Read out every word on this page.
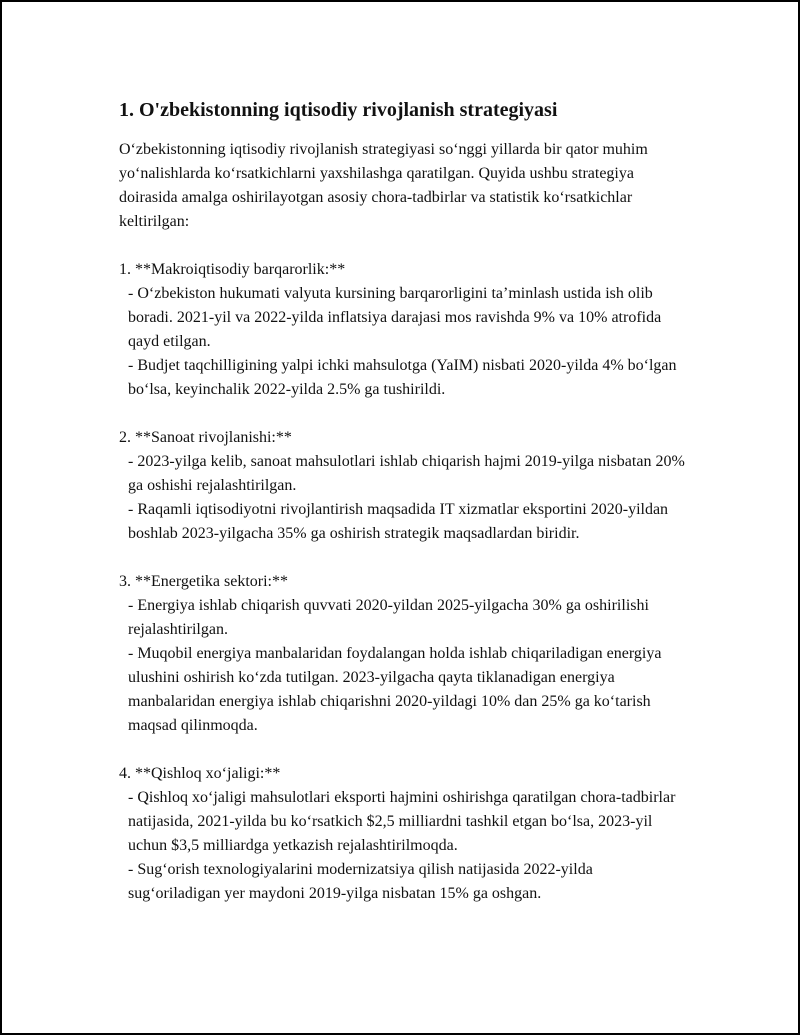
1. O'zbekistonning iqtisodiy rivojlanish strategiyasi

O‘zbekistonning iqtisodiy rivojlanish strategiyasi so‘nggi yillarda bir qator muhim yo‘nalishlarda ko‘rsatkichlarni yaxshilashga qaratilgan. Quyida ushbu strategiya doirasida amalga oshirilayotgan asosiy chora-tadbirlar va statistik ko‘rsatkichlar keltirilgan:

1. **Makroiqtisodiy barqarorlik:**
- O‘zbekiston hukumati valyuta kursining barqarorligini ta’minlash ustida ish olib boradi. 2021-yil va 2022-yilda inflatsiya darajasi mos ravishda 9% va 10% atrofida qayd etilgan.
- Budjet taqchilligining yalpi ichki mahsulotga (YaIM) nisbati 2020-yilda 4% bo‘lgan bo‘lsa, keyinchalik 2022-yilda 2.5% ga tushirildi.
2. **Sanoat rivojlanishi:**
- 2023-yilga kelib, sanoat mahsulotlari ishlab chiqarish hajmi 2019-yilga nisbatan 20% ga oshishi rejalashtirilgan.
- Raqamli iqtisodiyotni rivojlantirish maqsadida IT xizmatlar eksportini 2020-yildan boshlab 2023-yilgacha 35% ga oshirish strategik maqsadlardan biridir.
3. **Energetika sektori:**
- Energiya ishlab chiqarish quvvati 2020-yildan 2025-yilgacha 30% ga oshirilishi rejalashtirilgan.
- Muqobil energiya manbalaridan foydalangan holda ishlab chiqariladigan energiya ulushini oshirish ko‘zda tutilgan. 2023-yilgacha qayta tiklanadigan energiya manbalaridan energiya ishlab chiqarishni 2020-yildagi 10% dan 25% ga ko‘tarish maqsad qilinmoqda.
4. **Qishloq xo‘jaligi:**
- Qishloq xo‘jaligi mahsulotlari eksporti hajmini oshirishga qaratilgan chora-tadbirlar natijasida, 2021-yilda bu ko‘rsatkich $2,5 milliardni tashkil etgan bo‘lsa, 2023-yil uchun $3,5 milliardga yetkazish rejalashtirilmoqda.
- Sug‘orish texnologiyalarini modernizatsiya qilish natijasida 2022-yilda sug‘oriladigan yer maydoni 2019-yilga nisbatan 15% ga oshgan.
